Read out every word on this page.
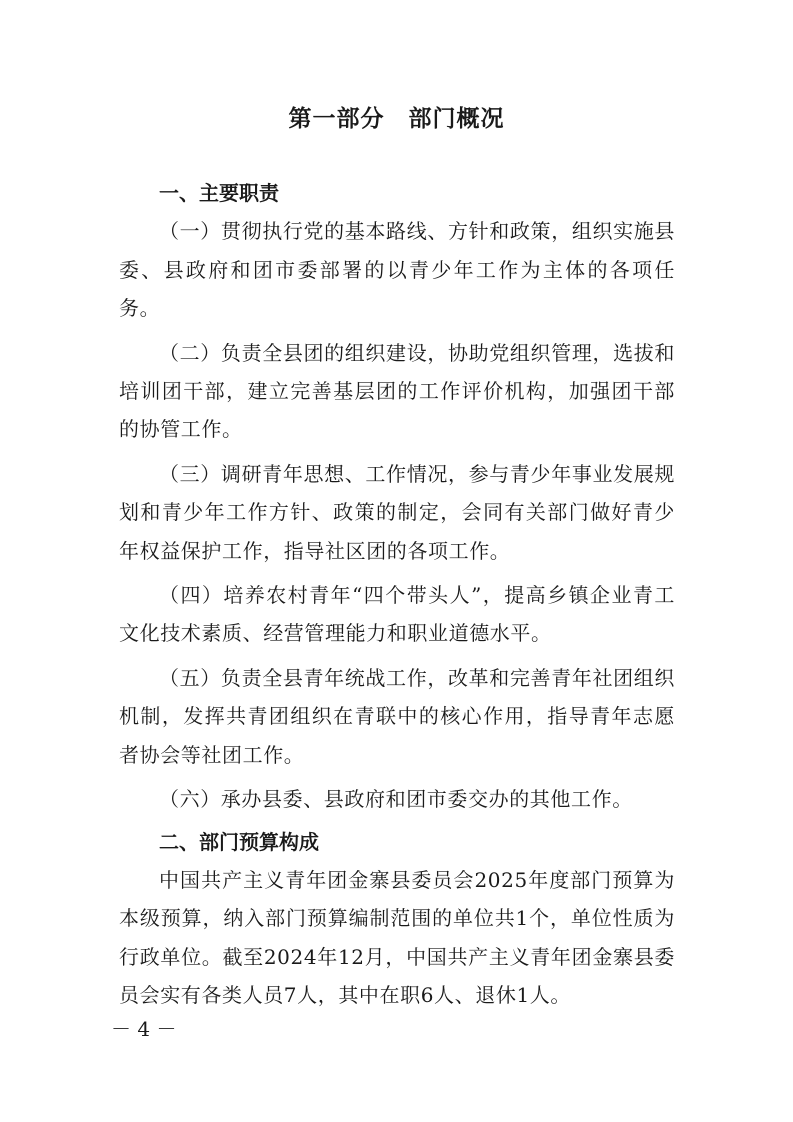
第一部分　部门概况

一、主要职责

（一）贯彻执行党的基本路线、方针和政策，组织实施县委、县政府和团市委部署的以青少年工作为主体的各项任务。

（二）负责全县团的组织建设，协助党组织管理，选拔和培训团干部，建立完善基层团的工作评价机构，加强团干部的协管工作。

（三）调研青年思想、工作情况，参与青少年事业发展规划和青少年工作方针、政策的制定，会同有关部门做好青少年权益保护工作，指导社区团的各项工作。

（四）培养农村青年“四个带头人”，提高乡镇企业青工文化技术素质、经营管理能力和职业道德水平。

（五）负责全县青年统战工作，改革和完善青年社团组织机制，发挥共青团组织在青联中的核心作用，指导青年志愿者协会等社团工作。

（六）承办县委、县政府和团市委交办的其他工作。

二、部门预算构成

中国共产主义青年团金寨县委员会2025年度部门预算为本级预算，纳入部门预算编制范围的单位共1个，单位性质为行政单位。截至2024年12月，中国共产主义青年团金寨县委员会实有各类人员7人，其中在职6人、退休1人。

－ 4 －
